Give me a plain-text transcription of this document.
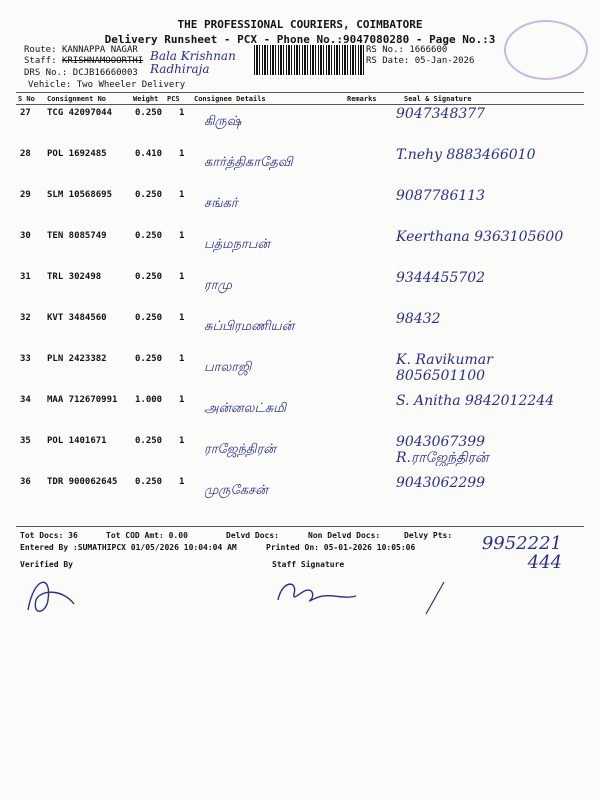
THE PROFESSIONAL COURIERS, COIMBATORE
Delivery Runsheet - PCX - Phone No.:9047080280 - Page No.:3
Route: KANNAPPA NAGAR
Staff: KRISHNAMOOORTHI Bala Krishnan Radhiraja
DRS No.: DCJB16660003
Vehicle: Two Wheeler Delivery
RS No.: 1666600
RS Date: 05-Jan-2026
S No Consignment No	Weight PCS Consignee Details	Remarks	Seal & Signature
27 TCG 42097044	0.250 1
கிருஷ்	9047348377
28 POL 1692485	0.410 1
கார்த்திகாதேவி	T.nehy 8883466010
29 SLM 10568695	0.250 1
சங்கர்	9087786113
30 TEN 8085749	0.250 1
பத்மநாபன்	Keerthana 9363105600
31 TRL 302498	0.250 1
ராமு	9344455702
32 KVT 3484560	0.250 1
சுப்பிரமணியன்	98432
33 PLN 2423382	0.250 1
பாலாஜி	K. Ravikumar 8056501100
34 MAA 712670991 1.000 1
அன்னலட்சுமி	S. Anitha 9842012244
35 POL 1401671	0.250 1
ராஜேந்திரன்	9043067399 R.ராஜேந்திரன்
36 TDR 900062645 0.250 1
முருகேசன்	9043062299
Tot Docs: 36	Tot COD Amt: 0.00	Delvd Docs:	Non Delvd Docs:	Delvy Pts:
Entered By :SUMATHIPCX 01/05/2026 10:04:04 AM	Printed On: 05-01-2026 10:05:06	9952221444
Verified By	Staff Signature
